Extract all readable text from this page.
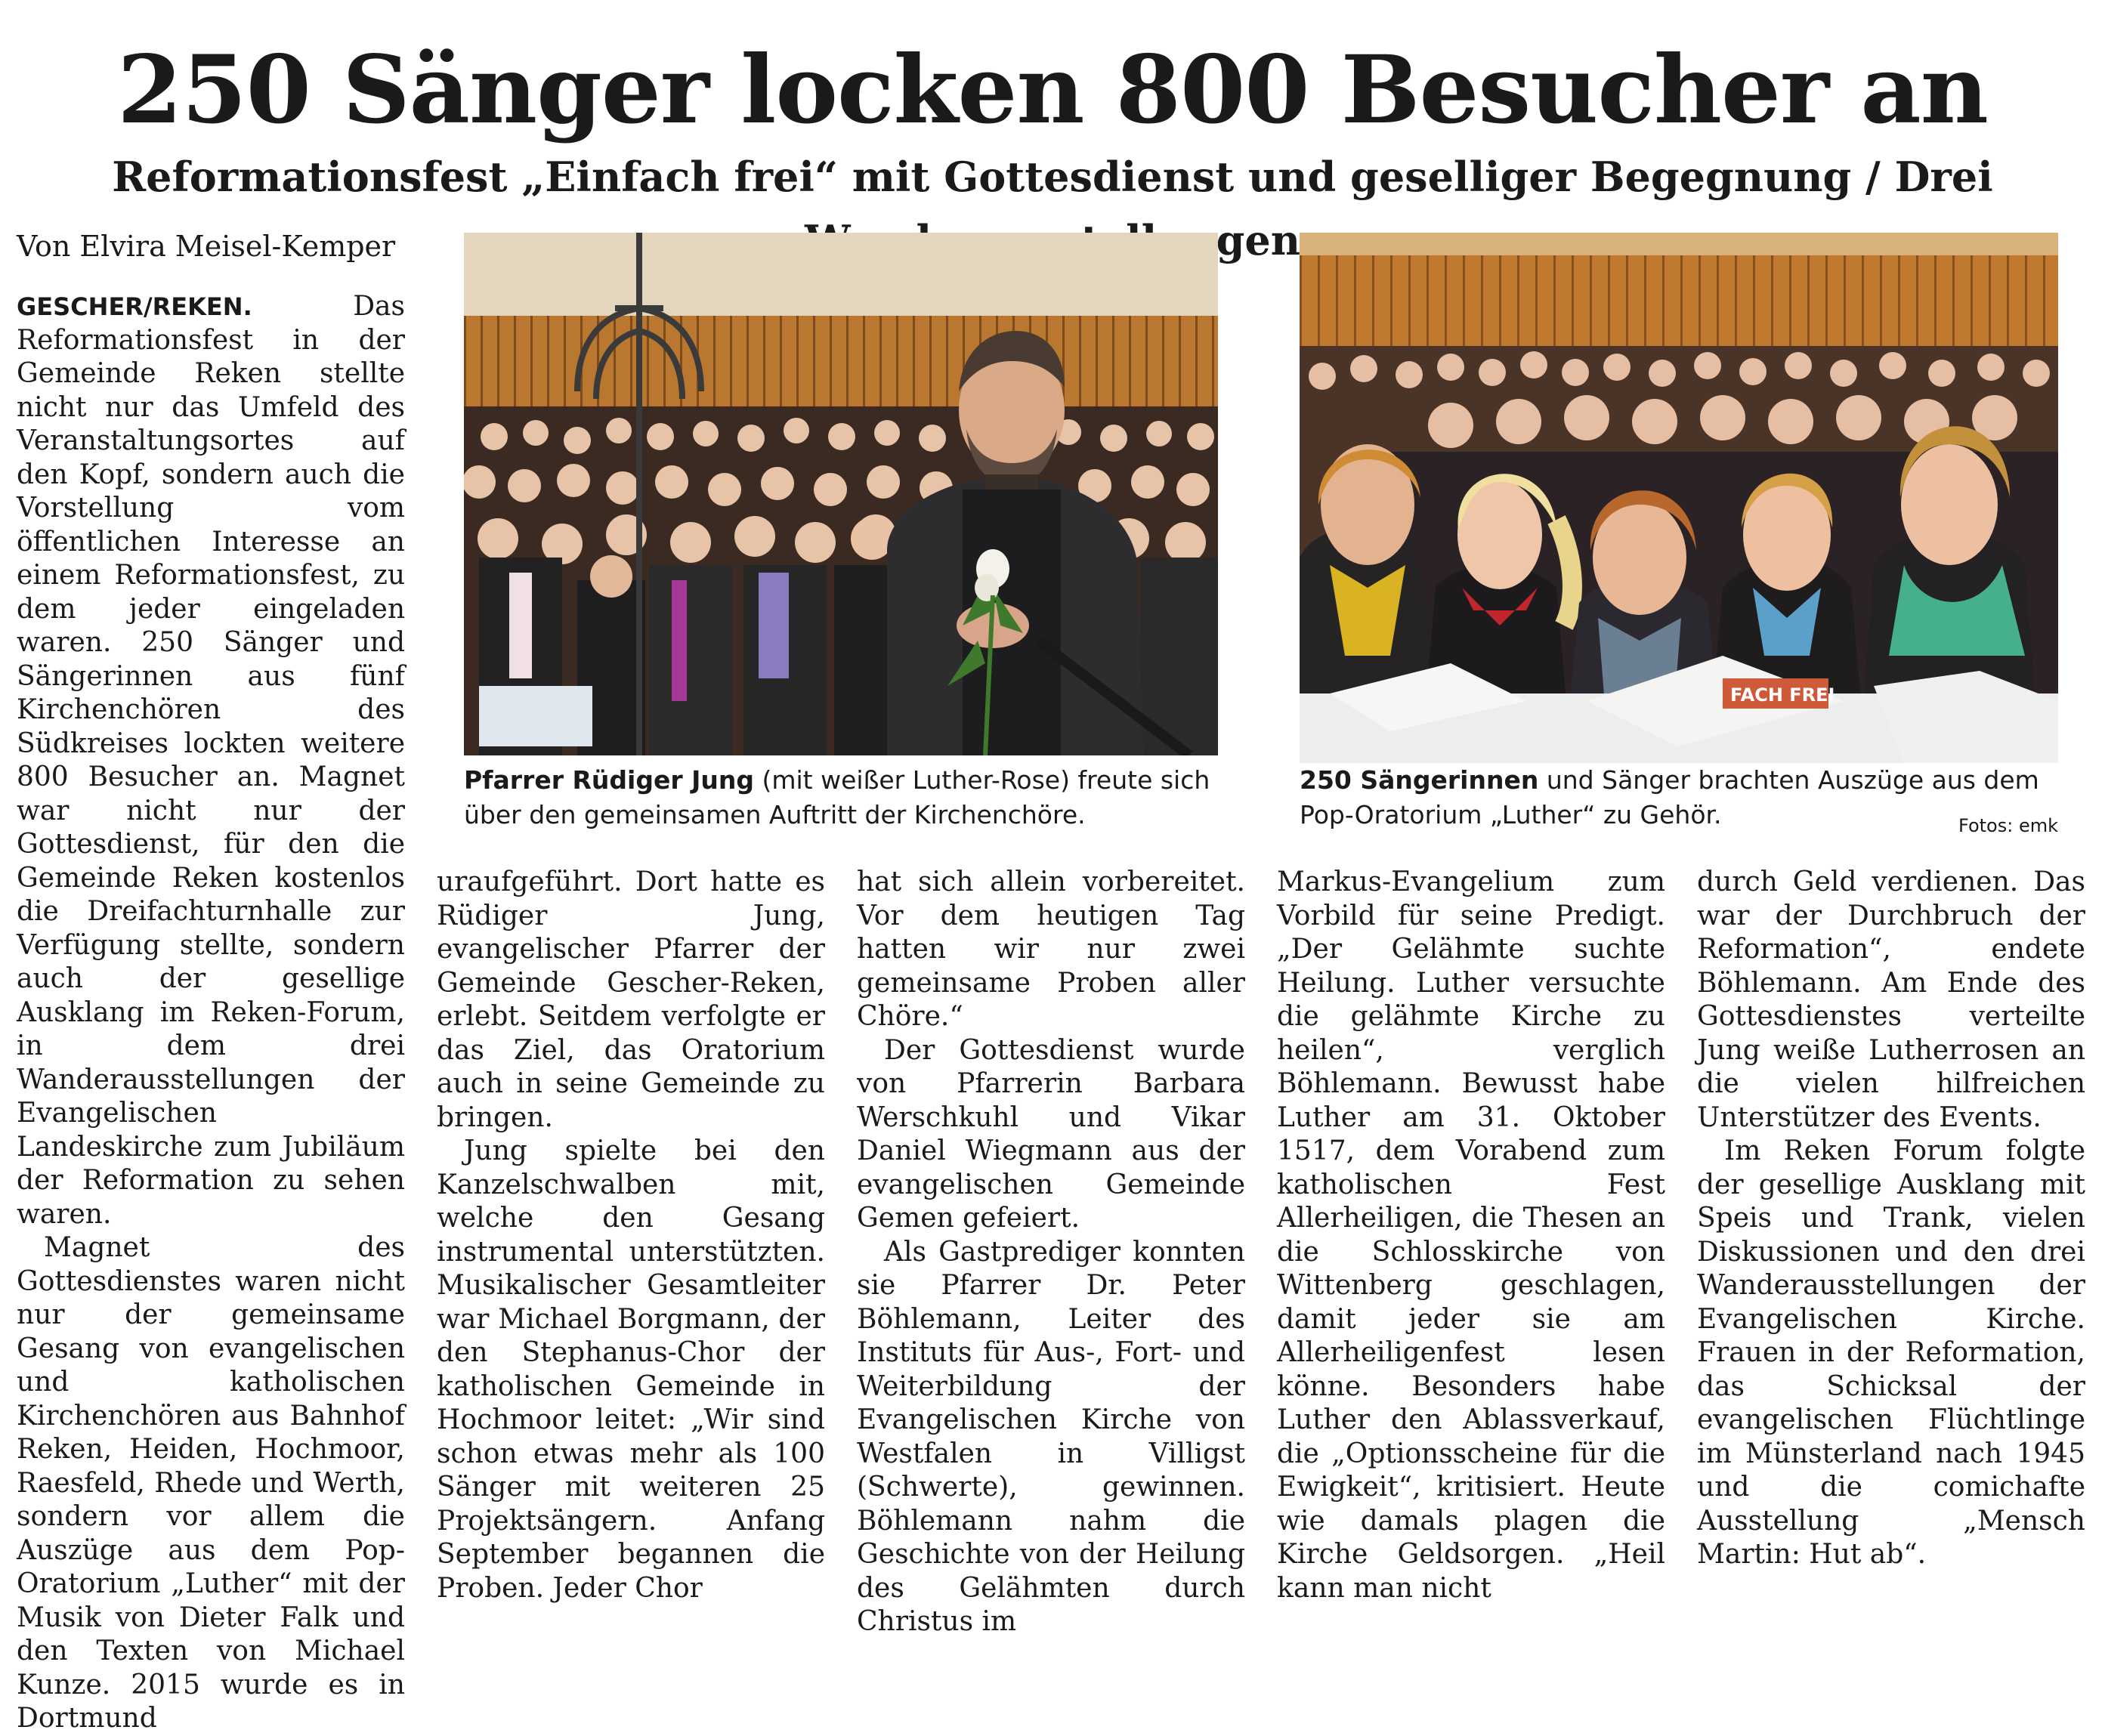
250 Sänger locken 800 Besucher an
Reformationsfest „Einfach frei“ mit Gottesdienst und geselliger Begegnung / Drei
Von Elvira Meisel-Kemper

GESCHER/REKEN.	Das Reformationsfest in der Gemeinde Reken stellte nicht nur das Umfeld des Veranstaltungsortes auf den Kopf, sondern auch die Vorstellung vom öffentlichen Interesse an einem Reformationsfest, zu dem jeder eingeladen waren. 250 Sänger und Sängerinnen aus fünf Kirchenchören des Südkreises lockten weitere 800 Besucher an. Magnet war nicht nur der Gottesdienst, für den die Gemeinde Reken kostenlos die Dreifachturnhalle zur Verfügung stellte, sondern auch der gesellige Ausklang im Reken-Forum, in dem drei Wanderausstellungen der Evangelischen Landeskirche zum Jubiläum der Reformation zu sehen waren.

Magnet des Gottesdienstes waren nicht nur der gemeinsame Gesang von evangelischen und katholischen Kirchenchören aus Bahnhof Reken, Heiden, Hochmoor, Raesfeld, Rhede und Werth, sondern vor allem die Auszüge aus dem Pop-Oratorium „Luther“ mit der Musik von Dieter Falk und den Texten von Michael Kunze. 2015 wurde es in Dortmund

Pfarrer Rüdiger Jung (mit weißer Luther-Rose) freute sich über den gemeinsamen Auftritt der Kirchenchöre.
FACH FREI
250 Sängerinnen und Sänger brachten Auszüge aus dem Pop-Oratorium „Luther“ zu Gehör.	Fotos: emk

uraufgeführt. Dort hatte es Rüdiger Jung, evangelischer Pfarrer der Gemeinde Gescher-Reken, erlebt. Seitdem verfolgte er das Ziel, das Oratorium auch in seine Gemeinde zu bringen.

Jung spielte bei den Kanzelschwalben mit, welche den Gesang instrumental unterstützten. Musikalischer Gesamtleiter war Michael Borgmann, der den Stephanus-Chor der katholischen Gemeinde in Hochmoor leitet: „Wir sind schon etwas mehr als 100 Sänger mit weiteren 25 Projektsängern. Anfang September begannen die Proben. Jeder Chor

hat sich allein vorbereitet. Vor dem heutigen Tag hatten wir nur zwei gemeinsame Proben aller Chöre.“

Der Gottesdienst wurde von Pfarrerin Barbara Werschkuhl und Vikar Daniel Wiegmann aus der evangelischen Gemeinde Gemen gefeiert.

Als Gastprediger konnten sie Pfarrer Dr. Peter Böhlemann, Leiter des Instituts für Aus-, Fort- und Weiterbildung der Evangelischen Kirche von Westfalen in Villigst (Schwerte), gewinnen. Böhlemann nahm die Geschichte von der Heilung des Gelähmten durch Christus im

Markus-Evangelium zum Vorbild für seine Predigt. „Der Gelähmte suchte Heilung. Luther versuchte die gelähmte Kirche zu heilen“, verglich Böhlemann. Bewusst habe Luther am 31. Oktober 1517, dem Vorabend zum katholischen Fest Allerheiligen, die Thesen an die Schlosskirche von Wittenberg geschlagen, damit jeder sie am Allerheiligenfest lesen könne. Besonders habe Luther den Ablassverkauf, die „Optionsscheine für die Ewigkeit“, kritisiert. Heute wie damals plagen die Kirche Geldsorgen. „Heil kann man nicht

durch Geld verdienen. Das war der Durchbruch der Reformation“, endete Böhlemann. Am Ende des Gottesdienstes verteilte Jung weiße Lutherrosen an die vielen hilfreichen Unterstützer des Events.

Im Reken Forum folgte der gesellige Ausklang mit Speis und Trank, vielen Diskussionen und den drei Wanderausstellungen der Evangelischen Kirche. Frauen in der Reformation, das Schicksal der evangelischen Flüchtlinge im Münsterland nach 1945 und die comichafte Ausstellung „Mensch Martin: Hut ab“.
